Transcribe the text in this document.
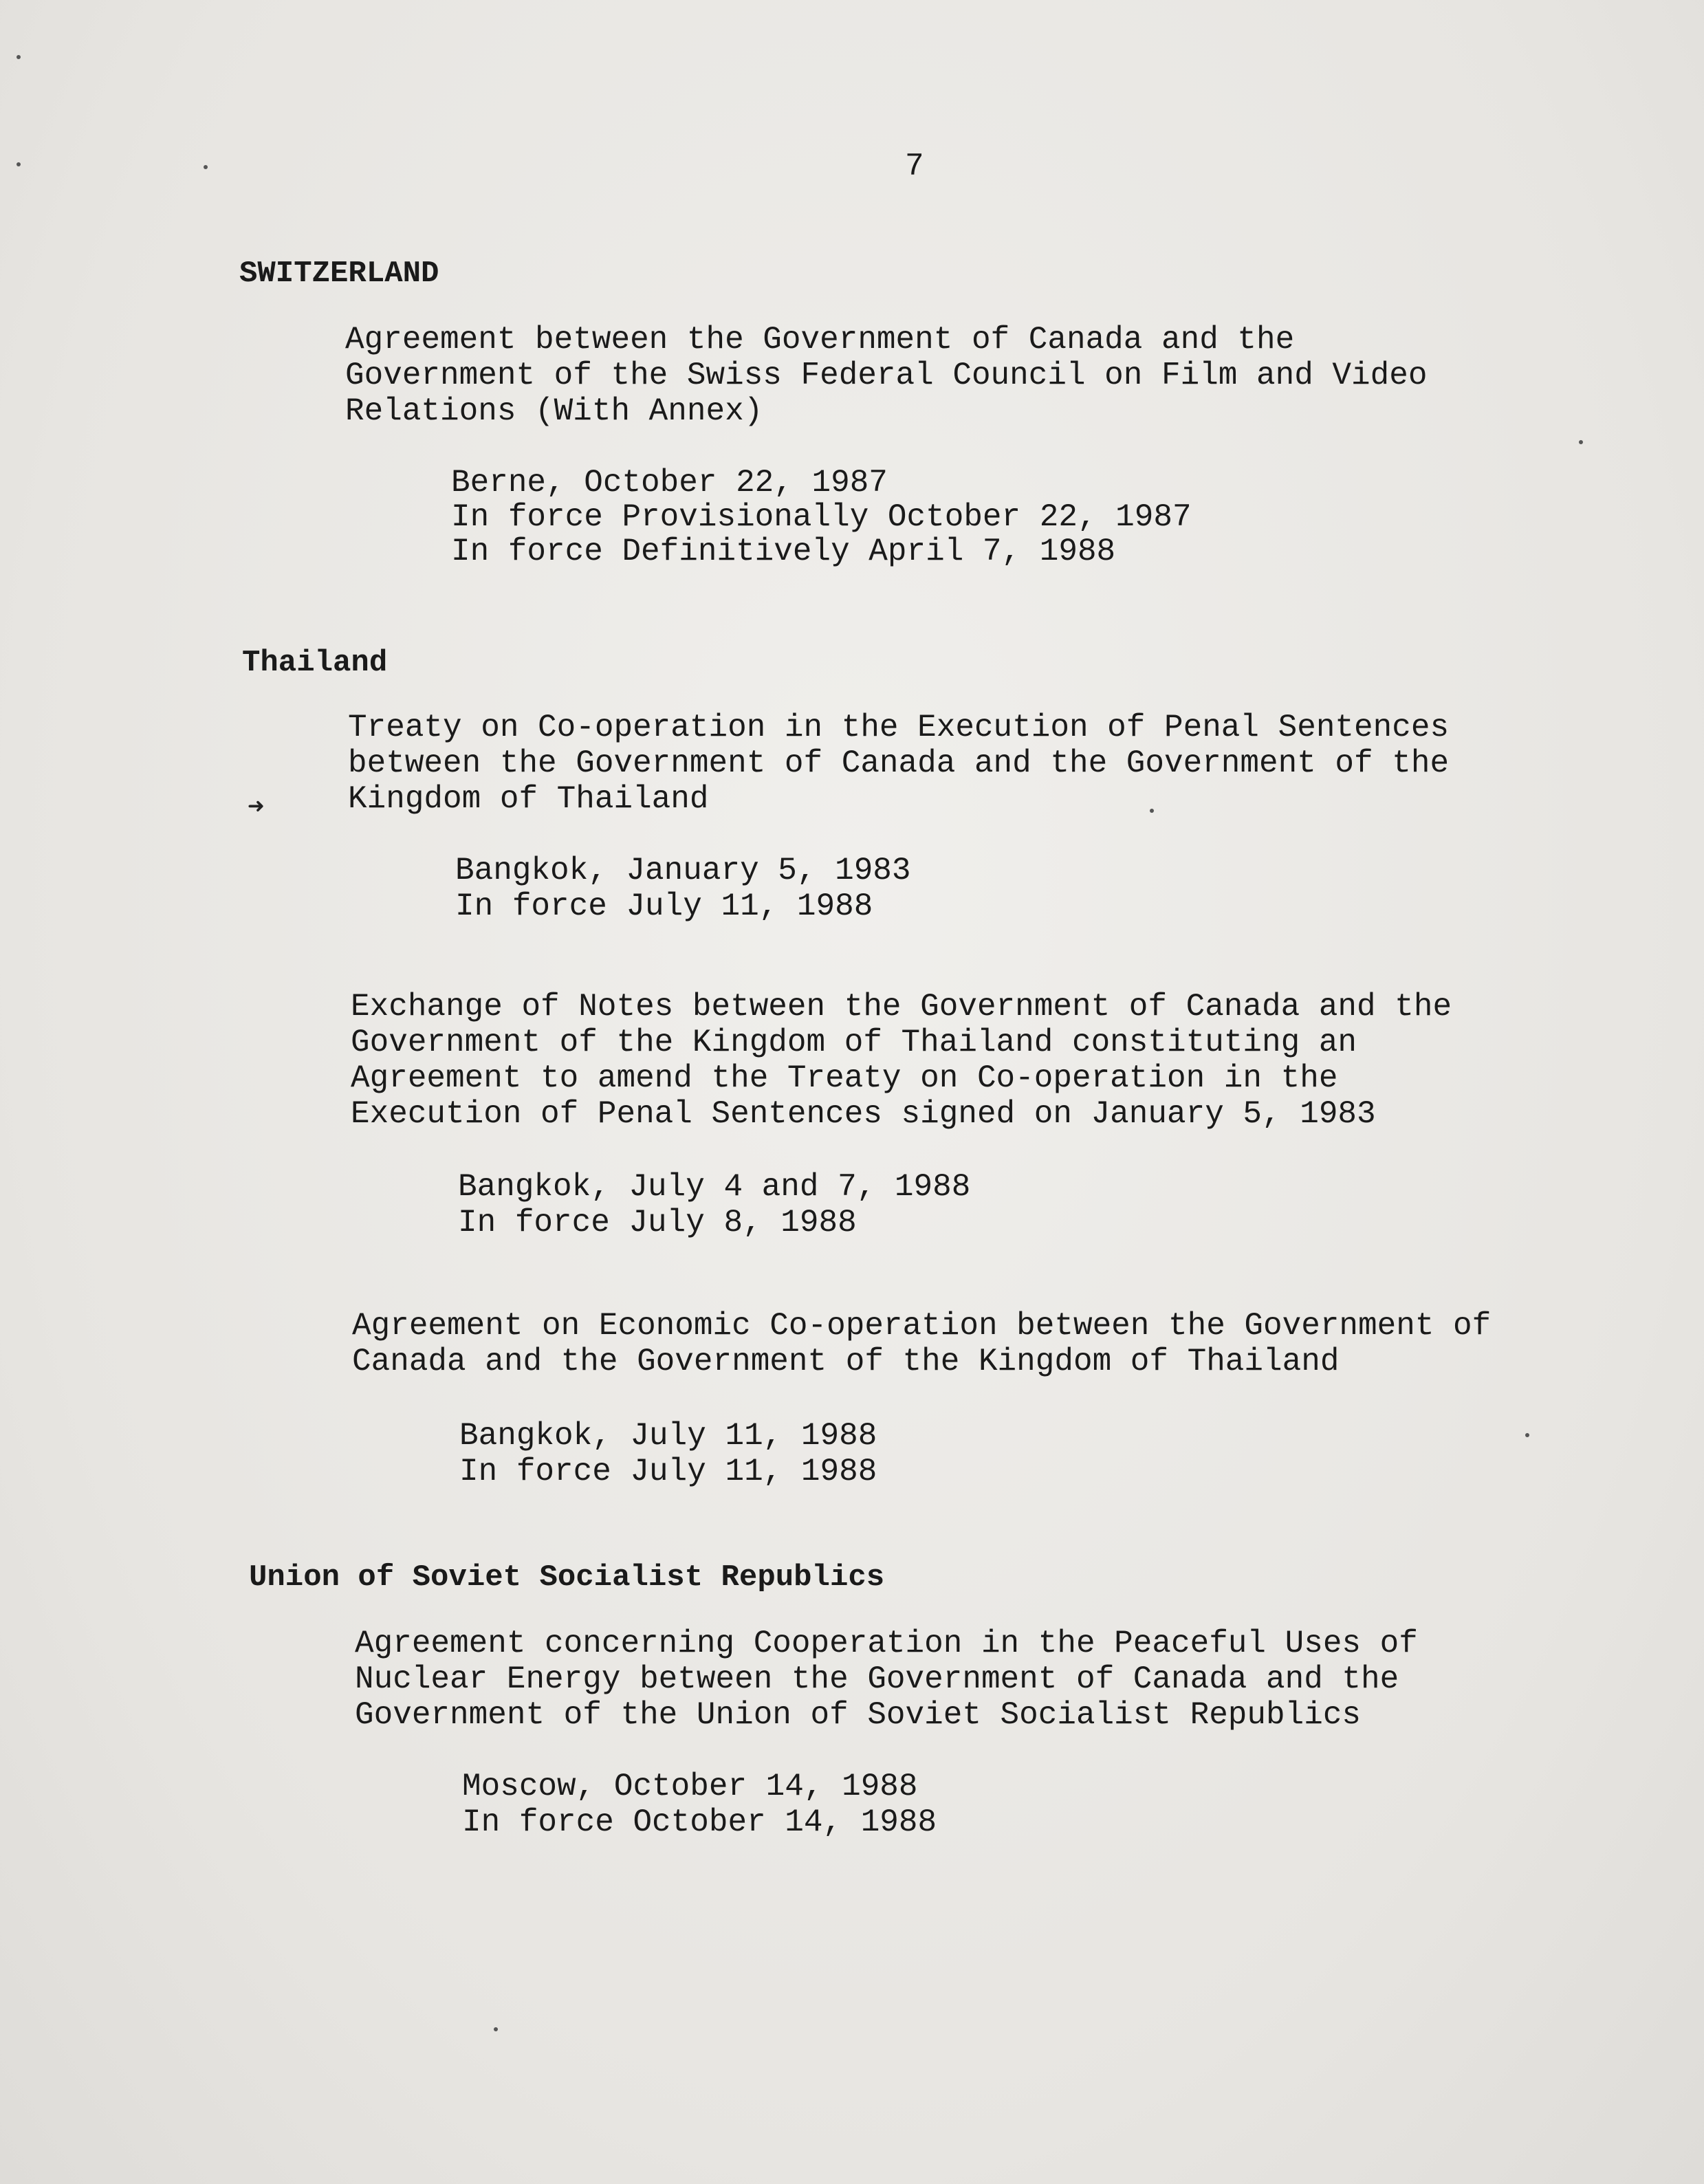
7
SWITZERLAND
Agreement between the Government of Canada and the
Government of the Swiss Federal Council on Film and Video
Relations (With Annex)
Berne, October 22, 1987
In force Provisionally October 22, 1987
In force Definitively April 7, 1988
Thailand
Treaty on Co-operation in the Execution of Penal Sentences
between the Government of Canada and the Government of the
Kingdom of Thailand
Bangkok, January 5, 1983
In force July 11, 1988
Exchange of Notes between the Government of Canada and the
Government of the Kingdom of Thailand constituting an
Agreement to amend the Treaty on Co-operation in the
Execution of Penal Sentences signed on January 5, 1983
Bangkok, July 4 and 7, 1988
In force July 8, 1988
Agreement on Economic Co-operation between the Government of
Canada and the Government of the Kingdom of Thailand
Bangkok, July 11, 1988
In force July 11, 1988
Union of Soviet Socialist Republics
Agreement concerning Cooperation in the Peaceful Uses of
Nuclear Energy between the Government of Canada and the
Government of the Union of Soviet Socialist Republics
Moscow, October 14, 1988
In force October 14, 1988
➜
